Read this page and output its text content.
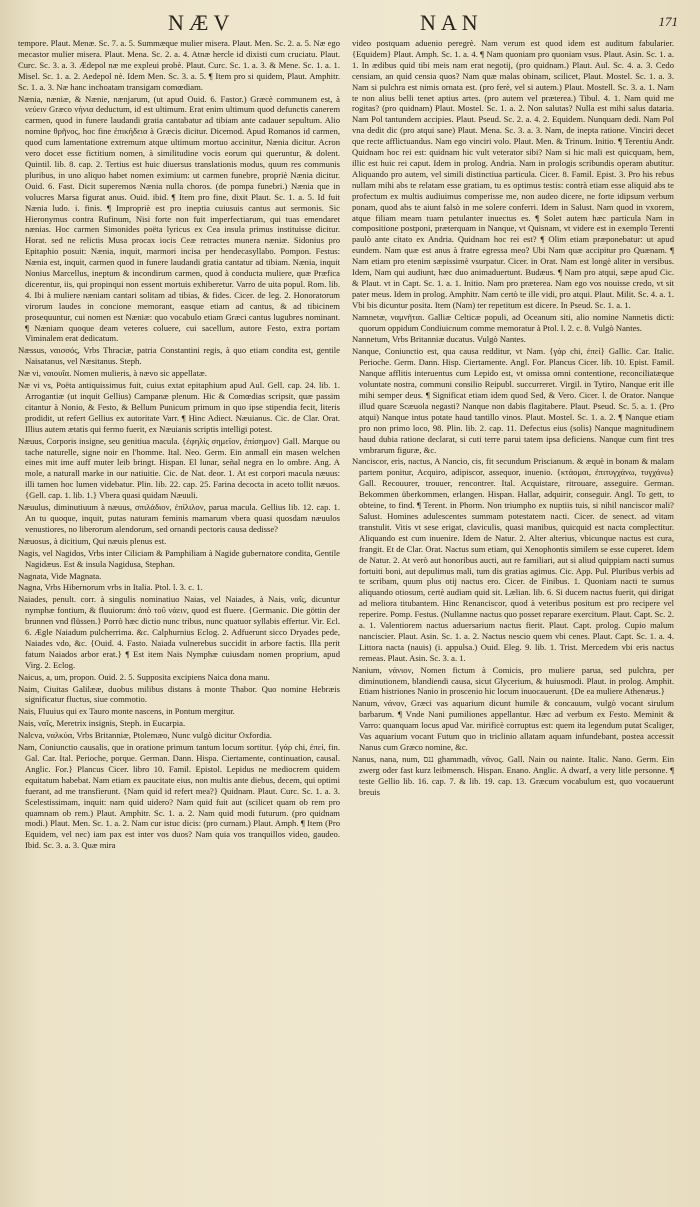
NÆV	NAN	171

tempore. Plaut. Menæ. Sc. 7. a. 5. Summæque mulier misera. Plaut. Men. Sc. 2. a. 5. Næ ego mecastor mulier misera. Plaut. Mena. Sc. 2. a. 4. Atnæ hercle id dixisti cum cruciatu. Plaut. Curc. Sc. 3. a. 3. Ædepol næ me expleui probè. Plaut. Curc. Sc. 1. a. 3. & Mene. Sc. 1. a. 1. Misel. Sc. 1. a. 2. Aedepol nè. Idem Men. Sc. 3. a. 5. ¶ Item pro si quidem, Plaut. Amphitr. Sc. 1. a. 3. Næ hanc inchoatam transigam comœdiam.

Nænia, næniæ, & Nænie, nænjarum, (ut apud Ouid. 6. Fastor.) Græcè communem est, à νεύειν Græco νήνια deductum, id est ultimum. Erat enim ultimum quod defunctis canerem carmen, quod in funere laudandi gratia cantabatur ad tibiam ante cadauer sepultum. Alio nomine θρῆνος, hoc fine ἐπικήδεια à Græcis dicitur. Dicemod. Apud Romanos id carmen, quod cum lamentatione extremum atque ultimum mortuo accinitur, Nænia dicitur. Acron vero docet esse fictitium nomen, à similitudine vocis eorum qui queruntur, & dolent. Quintil. lib. 8. cap. 2. Tertius est huic diuersus translationis modus, quum res communis pluribus, in uno aliquo habet nomen eximium: ut carmen funebre, propriè Nænia dicitur. Ouid. 6. Fast. Dicit superemos Nænia nulla choros. (de pompa funebri.) Nænia que in volucres Marsa figurat anus. Ouid. ibid. ¶ Item pro fine, dixit Plaut. Sc. 1. a. 5. Id fuit Nænia ludo. i. finis. ¶ Impropriè est pro ineptia cuiusuis cantus aut sermonis. Sic Hieronymus contra Rufinum, Nisi forte non fuit imperfectiarum, qui tuas emendaret nænias. Hoc carmen Simonides poëta lyricus ex Cea insula primus instituisse dicitur. Horat. sed ne relictis Musa procax iocis Ceæ retractes munera næniæ. Sidonius pro Epitaphio posuit: Nænia, inquit, marmori incisa per hendecasyllabo. Pompon. Festus: Nænia est, inquit, carmen quod in funere laudandi gratia cantatur ad tibiam. Nænia, inquit Nonius Marcellus, ineptum & incondirum carmen, quod à conducta muliere, quæ Præfica dicerentur, iis, qui propinqui non essent mortuis exhiberetur. Varro de uita popul. Rom. lib. 4. Ibi à muliere næniam cantari solitam ad tibias, & fides. Cicer. de leg. 2. Honoratorum virorum laudes in concione memorant, easque etiam ad cantus, & ad tibicinem prosequuntur, cui nomen est Næniæ: quo vocabulo etiam Græci cantus lugubres nominant. ¶ Næniam quoque deam veteres coluere, cui sacellum, autore Festo, extra portam Viminalem erat dedicatum.

Næssus, ναισσός, Vrbs Thraciæ, patria Constantini regis, à quo etiam condita est, gentile Naisatanus, vel Næsitanus. Steph.

Næ vi, ναιουΐα. Nomen mulieris, à nævo sic appellatæ.

Næ vi vs, Poëta antiquissimus fuit, cuius extat epitaphium apud Aul. Gell. cap. 24. lib. 1. Arrogantiæ (ut inquit Gellius) Campanæ plenum. Hic & Comœdias scripsit, quæ passim citantur à Nonio, & Festo, & Bellum Punicum primum in quo ipse stipendia fecit, literis prodidit, ut refert Gellius ex autoritate Varr. ¶ Hinc Adiect. Næuianus. Cic. de Clar. Orat. Illius autem ætatis qui fermo fuerit, ex Næuianis scriptis intelligi potest.

Næuus, Corporis insigne, seu genitiua macula. {ἐφηλίς σημεῖον, ἐπίσημον} Gall. Marque ou tache naturelle, signe noir en l'homme. Ital. Neo. Germ. Ein anmall ein masen welchen eines mit ime auff muter leib bringt. Hispan. El lunar, señal negra en lo ombre. Ang. A mole, a naturall marke in our natiuitie. Cic. de Nat. deor. 1. At est corpori macula næuus: illi tamen hoc lumen videbatur. Plin. lib. 22. cap. 25. Farina decocta in aceto tollit næuos. {Gell. cap. 1. lib. 1.} Vbera quasi quidam Næuuli.

Næuulus, diminutiuum à næuus, σπιλάδιον, ἐπίλιλον, parua macula. Gellius lib. 12. cap. 1. An tu quoque, inquit, putas naturam feminis mamarum vbera quasi quosdam næuulos venustiores, no liberorum alendorum, sed ornandi pectoris causa dedisse?

Næuosus, à dicitium, Qui næuis plenus est.

Nagis, vel Nagidos, Vrbs inter Ciliciam & Pamphiliam à Nagide gubernatore condita, Gentile Nagidæus. Est & insula Nagidusa, Stephan.

Nagnata, Vide Magnata.

Nagna, Vrbs Hibernorum vrbs in Italia. Ptol. l. 3. c. 1.

Naiades, penult. corr. à singulis nominatiuo Naias, vel Naiades, à Nais, ναΐς, dicuntur nymphæ fontium, & fluuiorum: ἀπὸ τοῦ νάειν, quod est fluere. {Germanic. Die göttin der brunnen vnd flüssen.} Porrò hæc dictio nunc tribus, nunc quatuor syllabis effertur. Vir. Ecl. 6. Ægle Naiadum pulcherrima. &c. Calphurnius Eclog. 2. Adfuerunt sicco Dryades pede, Naiades vdo, &c. {Ouid. 4. Fasto. Naiada vulnerebus succidit in arbore factis. Illa perit fatum Naiados arbor erat.} ¶ Est item Nais Nymphæ cuiusdam nomen proprium, apud Virg. 2. Eclog.

Naicus, a, um, propon. Ouid. 2. 5. Supposita excipiens Naica dona manu.

Naim, Ciuitas Galilææ, duobus milibus distans à monte Thabor. Quo nomine Hebræis significatur fluctus, siue commotio.

Nais, Fluuius qui ex Tauro monte nascens, in Pontum mergitur.

Nais, ναΐς, Meretrix insignis, Steph. in Eucarpia.

Nalcva, ναλκύα, Vrbs Britanniæ, Ptolemæo, Nunc vulgò dicitur Oxfordia.

Nam, Coniunctio causalis, que in oratione primum tantum locum sortitur. {γάρ chi, ἐπεί, fin. Gal. Car. Ital. Perioche, porque. German. Dann. Hispa. Ciertamente, continuation, causal. Anglic. For.} Plancus Cicer. libro 10. Famil. Epistol. Lepidus ne mediocrem quidem equitatum habebat. Nam etiam ex paucitate eius, non multis ante diebus, decem, qui optimi fuerant, ad me transfierunt. {Nam quid id refert mea?} Quidnam. Plaut. Curc. Sc. 1. a. 3. Scelestissimam, inquit: nam quid uidero? Nam quid fuit aut (scilicet quam ob rem pro quamnam ob rem.) Plaut. Amphitr. Sc. 1. a. 2. Nam quid modi futurum. (pro quidnam modi.) Plaut. Men. Sc. 1. a. 2. Nam cur istuc dicis: (pro curnam.) Plaut. Amph. ¶ Item (Pro Equidem, vel nec) iam pax est inter vos duos? Nam quia vos tranquillos video, gaudeo. Ibid. Sc. 3. a. 3. Quæ mira

video postquam aduenio peregrè. Nam verum est quod idem est auditum fabularier. {Equidem} Plaut. Amph. Sc. 1. a. 4. ¶ Nam quoniam pro quoniam vsus. Plaut. Asin. Sc. 1. a. 1. In ædibus quid tibi meis nam erat negotij, (pro quidnam.) Plaut. Aul. Sc. 4. a. 3. Cedo censiam, an quid censia quos? Nam quæ malas obinam, scilicet, Plaut. Mostel. Sc. 1. a. 3. Nam si pulchra est nimis ornata est. (pro ferè, vel si autem.) Plaut. Mostell. Sc. 3. a. 1. Nam te non alius belli tenet aptius artes. (pro autem vel præterea.) Tibul. 4. 1. Nam quid me rogitas? (pro quidnam) Plaut. Mostel. Sc. 1. a. 2. Non salutas? Nulla est mihi salus dataria. Nam Pol tantundem accipies. Plaut. Pseud. Sc. 2. a. 4. 2. Equidem. Nunquam dedi. Nam Pol vna dedit dic (pro atqui sane) Plaut. Mena. Sc. 3. a. 3. Nam, de inepta ratione. Vinciri decet que recte afflictuandus. Nam ego vinciri volo. Plaut. Men. & Trinum. Initio. ¶ Terentiu Andr. Quidnam hoc rei est: quidnam hic vult veterator sibi? Nam si hic mali est quicquam, hem, illic est huic rei caput. Idem in prolog. Andria. Nam in prologis scribundis operam abutitur. Aliquando pro autem, vel simili distinctiua particula. Cicer. 8. Famil. Epist. 3. Pro his rebus nullam mihi abs te relatam esse gratiam, tu es optimus testis: contrà etiam esse aliquid abs te profectum ex multis audiuimus comperisse me, non audeo dicere, ne forte idipsum verbum ponam, quod abs te aiunt falsò in me solere conferri. Idem in Salust. Nam quod in vxorem, atque filiam meam tuam petulanter inuectus es. ¶ Solet autem hæc particula Nam in compositione postponi, præterquam in Nanque, vt Quisnam, vt videre est in exemplo Terenti paulò ante citato ex Andria. Quidnam hoc rei est? ¶ Olim etiam præponebatur: ut apud eundem. Nam quæ est anus à fratre egressa meo? Ubi Nam quæ accipitur pro Quænam. ¶ Nam etiam pro etenim sæpissimè vsurpatur. Cicer. in Orat. Nam est longè aliter in versibus. Idem, Nam qui audiunt, hæc duo animaduertunt. Budæus. ¶ Nam pro atqui, sæpe apud Cic. & Plaut. vt in Capt. Sc. 1. a. 1. Initio. Nam pro præterea. Nam ego vos nouisse credo, vt sit pater meus. Idem in prolog. Amphitr. Nam certò te ille vidi, pro atqui. Plaut. Milit. Sc. 4. a. 1. Vbi bis dicuntur posita. Item (Nam) ter repetitum est dicere. In Pseud. Sc. 1. a. 1.

Namnetæ, ναμνῆται. Galliæ Celticæ populi, ad Oceanum siti, alio nomine Nannetis dicti: quorum oppidum Condiuicnum comme memoratur à Ptol. l. 2. c. 8. Vulgò Nantes.

Nannetum, Vrbs Britanniæ ducatus. Vulgò Nantes.

Nanque, Coniunctio est, qua causa redditur, vt Nam. {γάρ chi, ἐπεί} Gallic. Car. Italic. Perioche. Germ. Dann. Hisp. Ciertamente. Angl. For. Plancus Cicer. lib. 10. Epist. Famil. Nanque afflitis interuentus cum Lepido est, vt omissa omni contentione, reconciliatæque voluntate nostra, communi consilio Reipubl. succurreret. Virgil. in Tytiro, Nanque erit ille mihi semper deus. ¶ Significat etiam idem quod Sed, & Vero. Cicer. l. de Orator. Nanque illud quare Scæuola negasti? Nanque non dabis flagitabere. Plaut. Pseud. Sc. 5. a. 1. (Pro atqui) Nanque intus potate haud tantillo vinos. Plaut. Mostel. Sc. 1. a. 2. ¶ Nanque etiam pro non primo loco, 98. Plin. lib. 2. cap. 11. Defectus eius (solis) Nanque magnitudinem haud dubia ratione declarat, si cuti terre parui tatem ipsa deficiens. Nanque cum fint tres vmbrarum figuræ, &c.

Nanciscor, eris, nactus, A Nancio, cis, fit secundum Priscianum. & æquè in bonam & malam partem ponitur, Acquiro, adipiscor, assequor, inuenio. {κτάομαι, ἐπιτυγχάνω, τυγχάνω} Gall. Recouurer, trouuer, rencontrer. Ital. Acquistare, ritrouare, asseguire. German. Bekommen überkommen, erlangen. Hispan. Hallar, adquirir, conseguir. Angl. To gett, to obteine, to find. ¶ Terent. in Phorm. Non triumpho ex nuptiis tuis, si nihil nanciscor mali? Salust. Homines adulescentes summam potestatem nacti. Cicer. de senect. ad vitam transtulit. Vitis vt sese erigat, claviculis, quasi manibus, quicquid est nacta complectitur. Aliquando est cum inuenire. Idem de Natur. 2. Alter alterius, vbicunque nactus est cura, frangit. Et de Clar. Orat. Nactus sum etiam, qui Xenophontis similem se esse cuperet. Idem de Natur. 2. At verò aut honoribus aucti, aut re familiari, aut si aliud quippiam nacti sumus fortuiti boni, aut depulimus mali, tum dis gratias agimus. Cic. App. Pul. Pluribus verbis ad te scribam, quum plus otij nactus ero. Cicer. de Finibus. 1. Quoniam nacti te sumus aliquando otiosum, certè audiam quid sit. Lælian. lib. 6. Si ducem nactus fuerit, qui dirigat ad meliora titubantem. Hinc Renanciscor, quod à veteribus positum est pro recipere vel reperire. Pomp. Festus. (Nullamne nactus quo posset reparare exercitum. Plaut. Capt. Sc. 2. a. 1. Valentiorem nactus aduersarium nactus fierit. Plaut. Capt. prolog. Cupio malum nanciscier. Plaut. Asin. Sc. 1. a. 2. Nactus nescio quem vbi cenes. Plaut. Capt. Sc. 1. a. 4. Littora nacta (nauis) (i. appulsa.) Ouid. Eleg. 9. lib. 1. Trist. Mercedem vbi eris nactus remeas. Plaut. Asin. Sc. 3. a. 1.

Nanium, νάνιον, Nomen fictum à Comicis, pro muliere parua, sed pulchra, per diminutionem, blandiendi causa, sicut Glycerium, & huiusmodi. Plaut. in prolog. Amphit. Etiam histriones Nanio in proscenio hic locum inuocauerunt. {De ea muliere Athenæus.}

Nanum, νάνον, Græci vas aquarium dicunt humile & concauum, vulgò vocant sirulum barbarum. ¶ Vnde Nani pumiliones appellantur. Hæc ad verbum ex Festo. Meminit & Varro: quanquam locus apud Var. mirificè corruptus est: quem ita legendum putat Scaliger, Vas aquarium vocant Futum quo in triclinio allatam aquam infundebant, postea accessit Nanus cum Græco nomine, &c.

Nanus, nana, num, ננס ghammadh, νᾶνος. Gall. Nain ou nainte. Italic. Nano. Germ. Ein zwerg oder fast kurz leibmensch. Hispan. Enano. Anglic. A dwarf, a very litle personne. ¶ teste Gellio lib. 16. cap. 7. & lib. 19. cap. 13. Græcum vocabulum est, quo vocauerunt breuis
